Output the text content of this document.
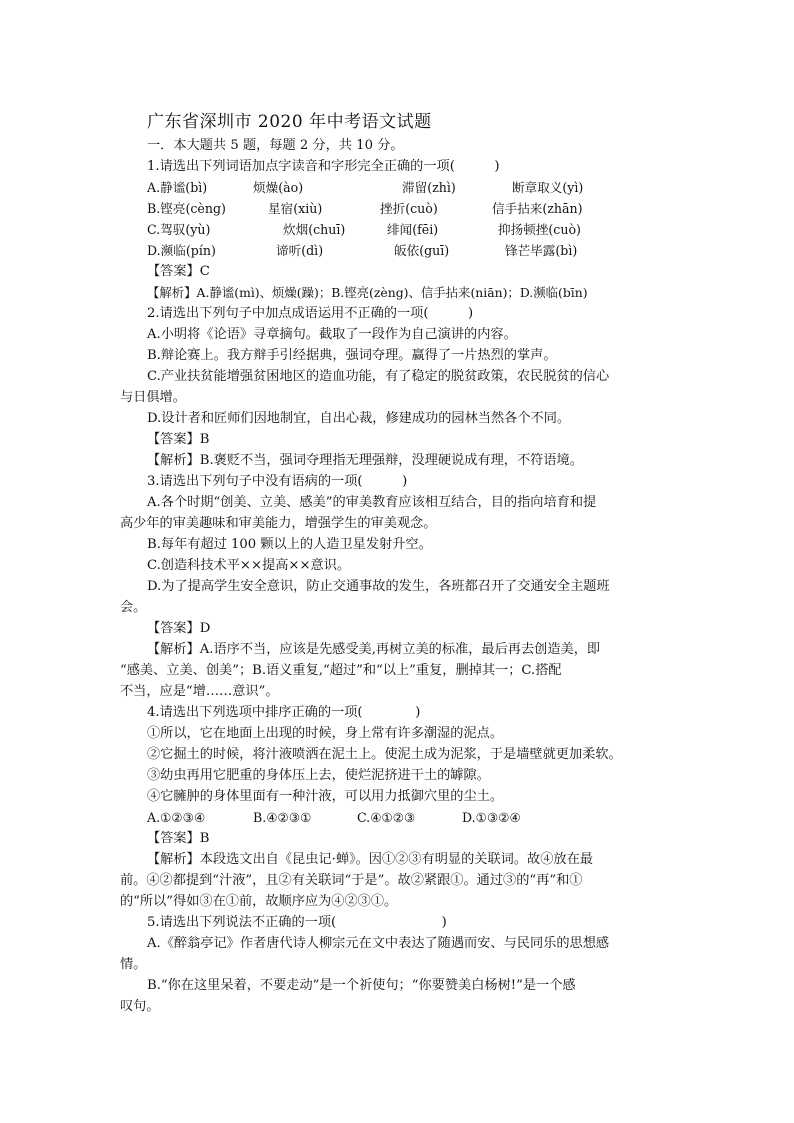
广东省深圳市 2020 年中考语文试题
一．本大题共 5 题，每题 2 分，共 10 分。
1.请选出下列词语加点字读音和字形完全正确的一项(　　　)
A.静谧(bì)	烦燥(ào)	滞留(zhì)	断章取义(yì)
B.铿亮(cèng)	星宿(xiù)	挫折(cuò)	信手拈来(zhān)
C.驾驭(yù)	炊烟(chuī)	绯闻(fēi)	抑扬顿挫(cuò)
D.濒临(pín)	谛听(dì)	皈依(guī)	锋芒毕露(bì)
【答案】C
【解析】A.静谧(mì)、烦燥(躁)；B.铿亮(zèng)、信手拈来(niān)；D.濒临(bīn)
2.请选出下列句子中加点成语运用不正确的一项(　　　)
A.小明将《论语》寻章摘句。截取了一段作为自己演讲的内容。
B.辩论赛上。我方辩手引经据典，强词夺理。赢得了一片热烈的掌声。
C.产业扶贫能增强贫困地区的造血功能，有了稳定的脱贫政策，农民脱贫的信心
与日俱增。
D.设计者和匠师们因地制宜，自出心裁，修建成功的园林当然各个不同。
【答案】B
【解析】B.褒贬不当，强词夺理指无理强辩，没理硬说成有理，不符语境。
3.请选出下列句子中没有语病的一项(　　　)
A.各个时期“创美、立美、感美”的审美教育应该相互结合，目的指向培育和提
高少年的审美趣味和审美能力，增强学生的审美观念。
B.每年有超过 100 颗以上的人造卫星发射升空。
C.创造科技术平××提高××意识。
D.为了提高学生安全意识，防止交通事故的发生，各班都召开了交通安全主题班
会。
【答案】D
【解析】A.语序不当，应该是先感受美,再树立美的标准，最后再去创造美，即
“感美、立美、创美”；B.语义重复,“超过”和“以上”重复，删掉其一；C.搭配
不当，应是“增……意识”。
4.请选出下列选项中排序正确的一项(　　　　)
①所以，它在地面上出现的时候，身上常有许多潮湿的泥点。
②它掘土的时候，将汁液喷洒在泥土上。使泥土成为泥浆，于是墙壁就更加柔软。
③幼虫再用它肥重的身体压上去，使烂泥挤进干土的罅隙。
④它臃肿的身体里面有一种汁液，可以用力抵御穴里的尘土。
A.①②③④	B.④②③①	C.④①②③	D.①③②④
【答案】B
【解析】本段选文出自《昆虫记·蝉》。因①②③有明显的关联词。故④放在最
前。④②都提到“汁液”，且②有关联词“于是”。故②紧跟①。通过③的“再”和①
的“所以”得如③在①前，故顺序应为④②③①。
5.请选出下列说法不正确的一项(　　　　　　　　)
A.《醉翁亭记》作者唐代诗人柳宗元在文中表达了随遇而安、与民同乐的思想感
情。
B.“你在这里呆着，不要走动”是一个祈使句；“你要赞美白杨树!”是一个感
叹句。
